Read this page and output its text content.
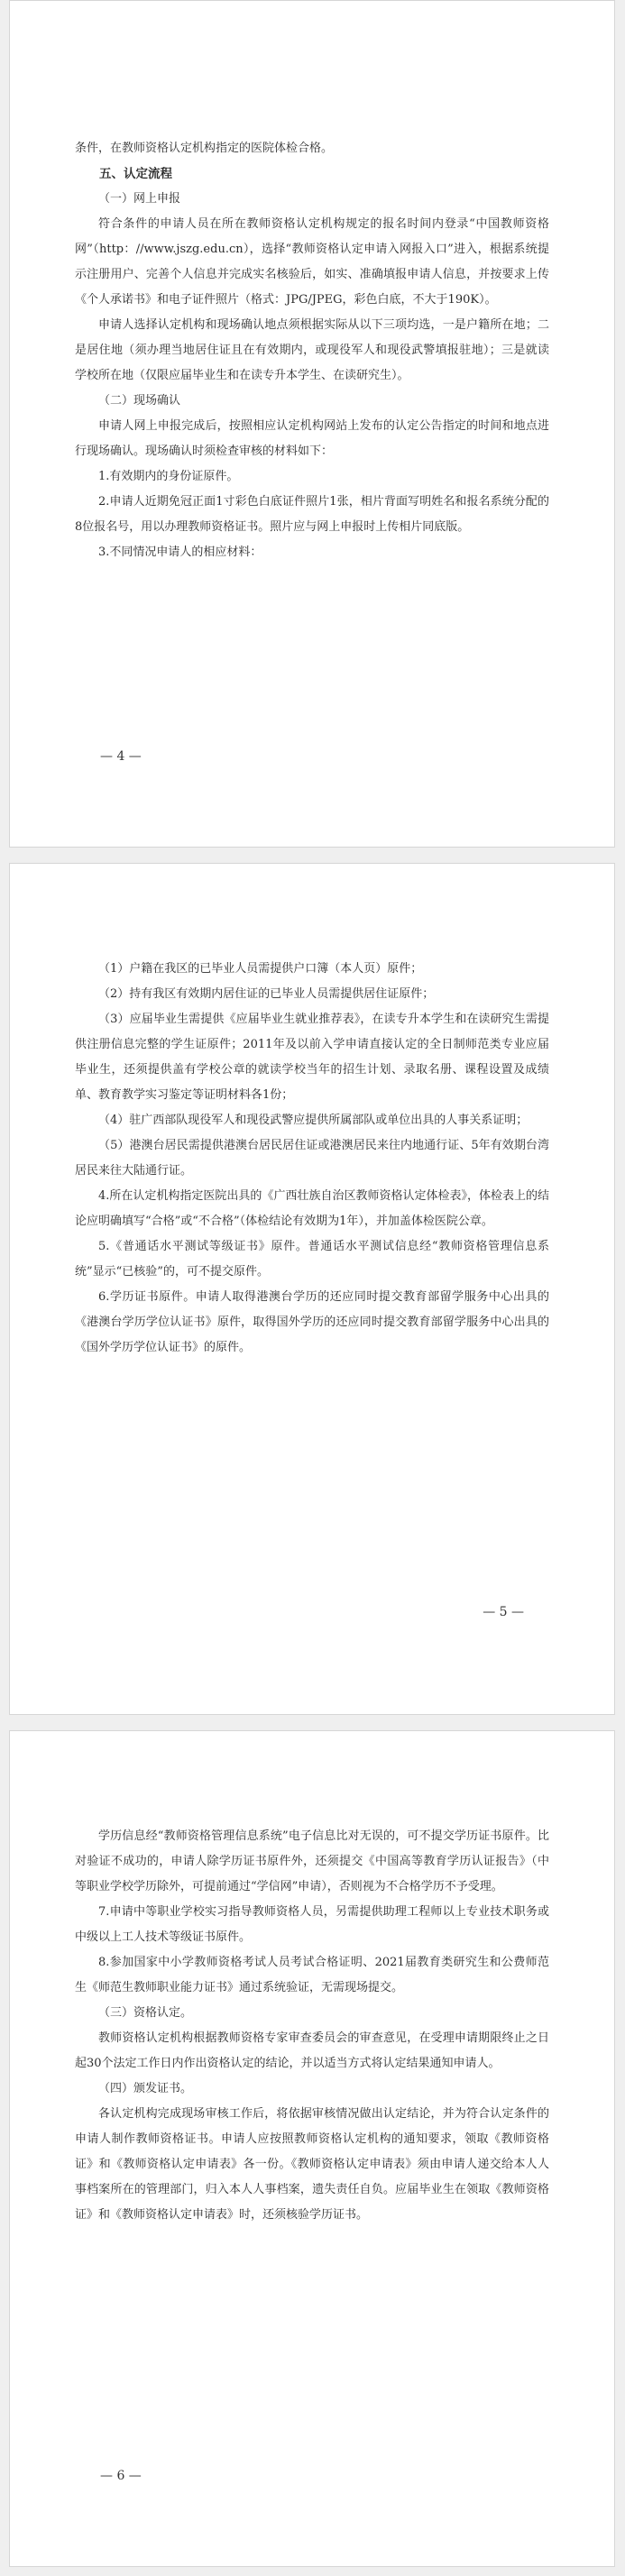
条件，在教师资格认定机构指定的医院体检合格。

五、认定流程

（一）网上申报

符合条件的申请人员在所在教师资格认定机构规定的报名时间内登录“中国教师资格网”（http：//www.jszg.edu.cn），选择“教师资格认定申请入网报入口”进入，根据系统提示注册用户、完善个人信息并完成实名核验后，如实、准确填报申请人信息，并按要求上传《个人承诺书》和电子证件照片（格式：JPG/JPEG，彩色白底，不大于190K）。

申请人选择认定机构和现场确认地点须根据实际从以下三项均选，一是户籍所在地；二是居住地（须办理当地居住证且在有效期内，或现役军人和现役武警填报驻地）；三是就读学校所在地（仅限应届毕业生和在读专升本学生、在读研究生）。

（二）现场确认

申请人网上申报完成后，按照相应认定机构网站上发布的认定公告指定的时间和地点进行现场确认。现场确认时须检查审核的材料如下：

1.有效期内的身份证原件。

2.申请人近期免冠正面1寸彩色白底证件照片1张，相片背面写明姓名和报名系统分配的8位报名号，用以办理教师资格证书。照片应与网上申报时上传相片同底版。

3.不同情况申请人的相应材料：

— 4 —

（1）户籍在我区的已毕业人员需提供户口簿（本人页）原件；

（2）持有我区有效期内居住证的已毕业人员需提供居住证原件；

（3）应届毕业生需提供《应届毕业生就业推荐表》，在读专升本学生和在读研究生需提供注册信息完整的学生证原件；2011年及以前入学申请直接认定的全日制师范类专业应届毕业生，还须提供盖有学校公章的就读学校当年的招生计划、录取名册、课程设置及成绩单、教育教学实习鉴定等证明材料各1份；

（4）驻广西部队现役军人和现役武警应提供所属部队或单位出具的人事关系证明；

（5）港澳台居民需提供港澳台居民居住证或港澳居民来往内地通行证、5年有效期台湾居民来往大陆通行证。

4.所在认定机构指定医院出具的《广西壮族自治区教师资格认定体检表》，体检表上的结论应明确填写“合格”或“不合格”（体检结论有效期为1年），并加盖体检医院公章。

5.《普通话水平测试等级证书》原件。普通话水平测试信息经“教师资格管理信息系统”显示“已核验”的，可不提交原件。

6.学历证书原件。申请人取得港澳台学历的还应同时提交教育部留学服务中心出具的《港澳台学历学位认证书》原件，取得国外学历的还应同时提交教育部留学服务中心出具的《国外学历学位认证书》的原件。

— 5 —

学历信息经“教师资格管理信息系统”电子信息比对无误的，可不提交学历证书原件。比对验证不成功的，申请人除学历证书原件外，还须提交《中国高等教育学历认证报告》（中等职业学校学历除外，可提前通过“学信网”申请），否则视为不合格学历不予受理。

7.申请中等职业学校实习指导教师资格人员，另需提供助理工程师以上专业技术职务或中级以上工人技术等级证书原件。

8.参加国家中小学教师资格考试人员考试合格证明、2021届教育类研究生和公费师范生《师范生教师职业能力证书》通过系统验证，无需现场提交。

（三）资格认定。

教师资格认定机构根据教师资格专家审查委员会的审查意见，在受理申请期限终止之日起30个法定工作日内作出资格认定的结论，并以适当方式将认定结果通知申请人。

（四）颁发证书。

各认定机构完成现场审核工作后，将依据审核情况做出认定结论，并为符合认定条件的申请人制作教师资格证书。申请人应按照教师资格认定机构的通知要求，领取《教师资格证》和《教师资格认定申请表》各一份。《教师资格认定申请表》须由申请人递交给本人人事档案所在的管理部门，归入本人人事档案，遗失责任自负。应届毕业生在领取《教师资格证》和《教师资格认定申请表》时，还须核验学历证书。

— 6 —
